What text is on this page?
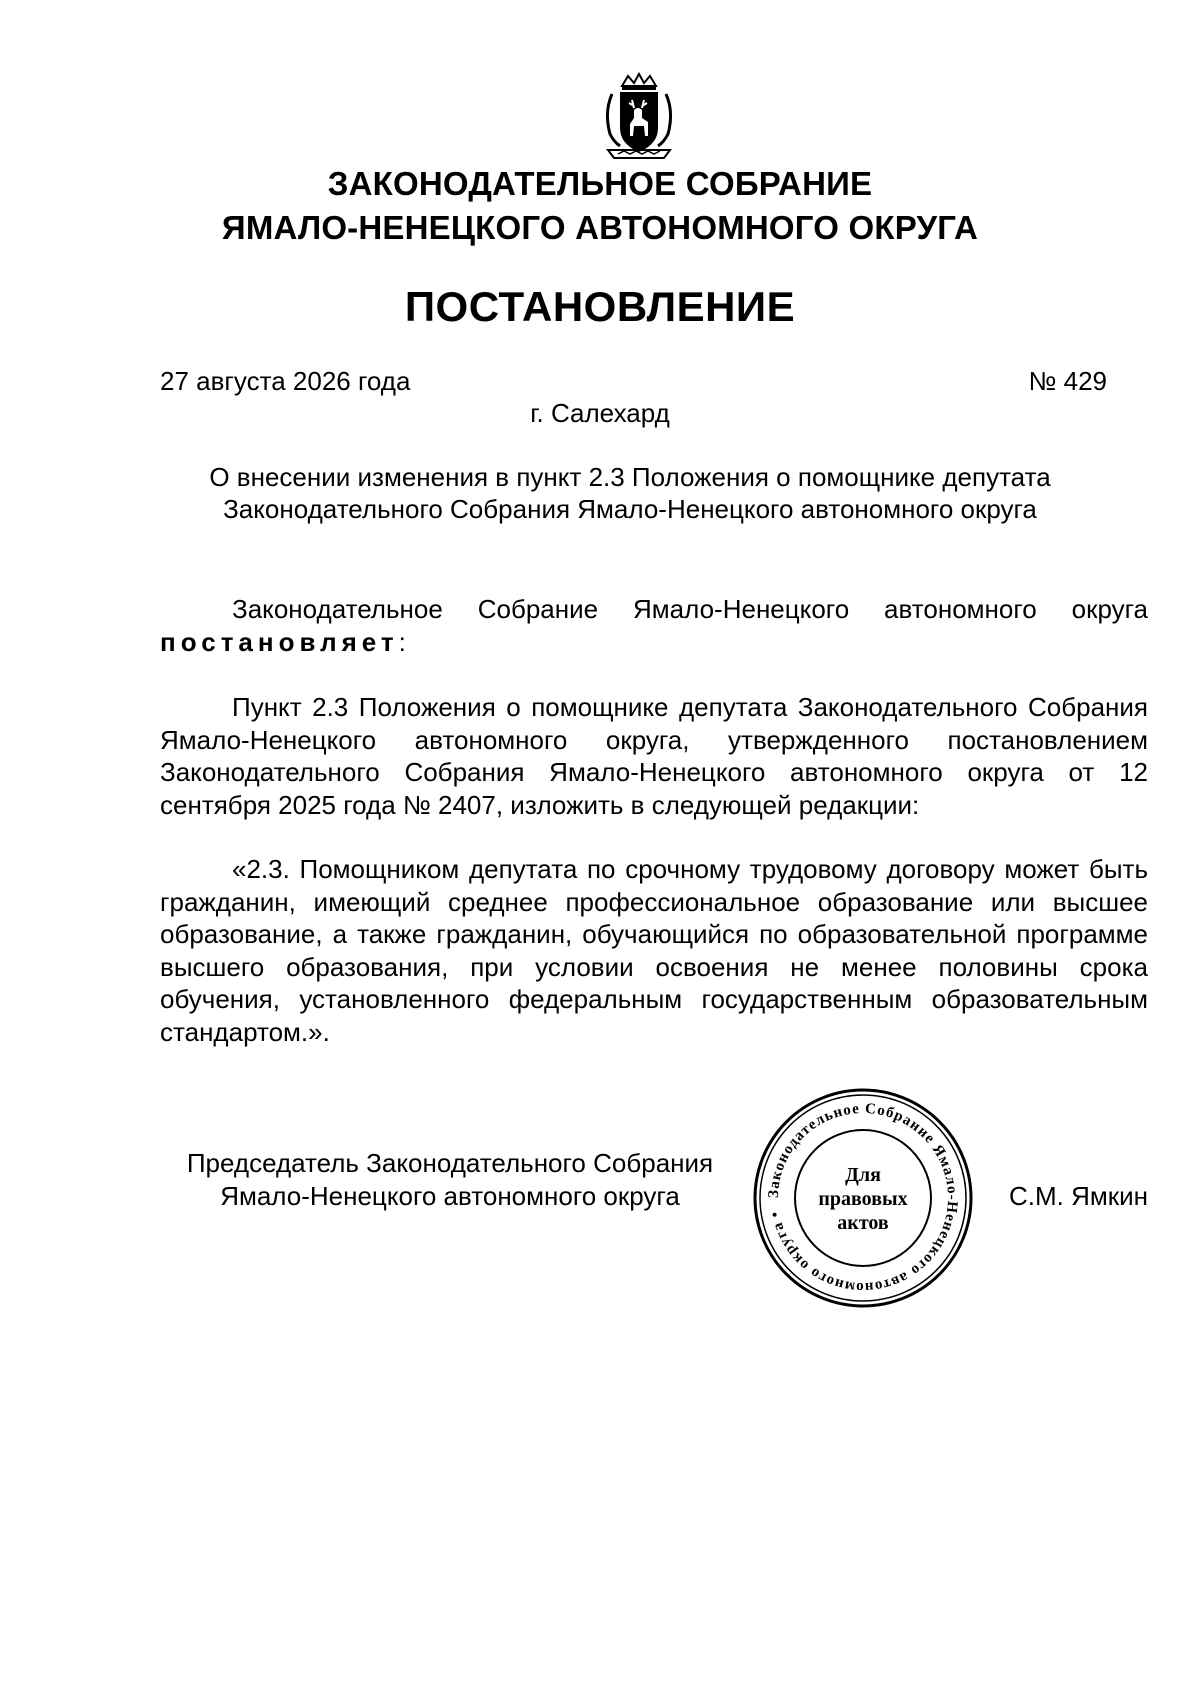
ЗАКОНОДАТЕЛЬНОЕ СОБРАНИЕ
ЯМАЛО-НЕНЕЦКОГО АВТОНОМНОГО ОКРУГА
ПОСТАНОВЛЕНИЕ
27 августа 2026 года	№ 429
г. Салехард
О внесении изменения в пункт 2.3 Положения о помощнике депутата
Законодательного Собрания Ямало-Ненецкого автономного округа
Законодательное Собрание Ямало-Ненецкого автономного округа постановляет:
Пункт 2.3 Положения о помощнике депутата Законодательного Собрания Ямало-Ненецкого автономного округа, утвержденного постановлением Законодательного Собрания Ямало-Ненецкого автономного округа от 12 сентября 2025 года № 2407, изложить в следующей редакции:
«2.3. Помощником депутата по срочному трудовому договору может быть гражданин, имеющий среднее профессиональное образование или высшее образование, а также гражданин, обучающийся по образовательной программе высшего образования, при условии освоения не менее половины срока обучения, установленного федеральным государственным образовательным стандартом.».
Председатель Законодательного Собрания
Ямало-Ненецкого автономного округа	С.М. Ямкин
Законодательное Собрание Ямало-Ненецкого автономного округа •
Для
правовых
актов
